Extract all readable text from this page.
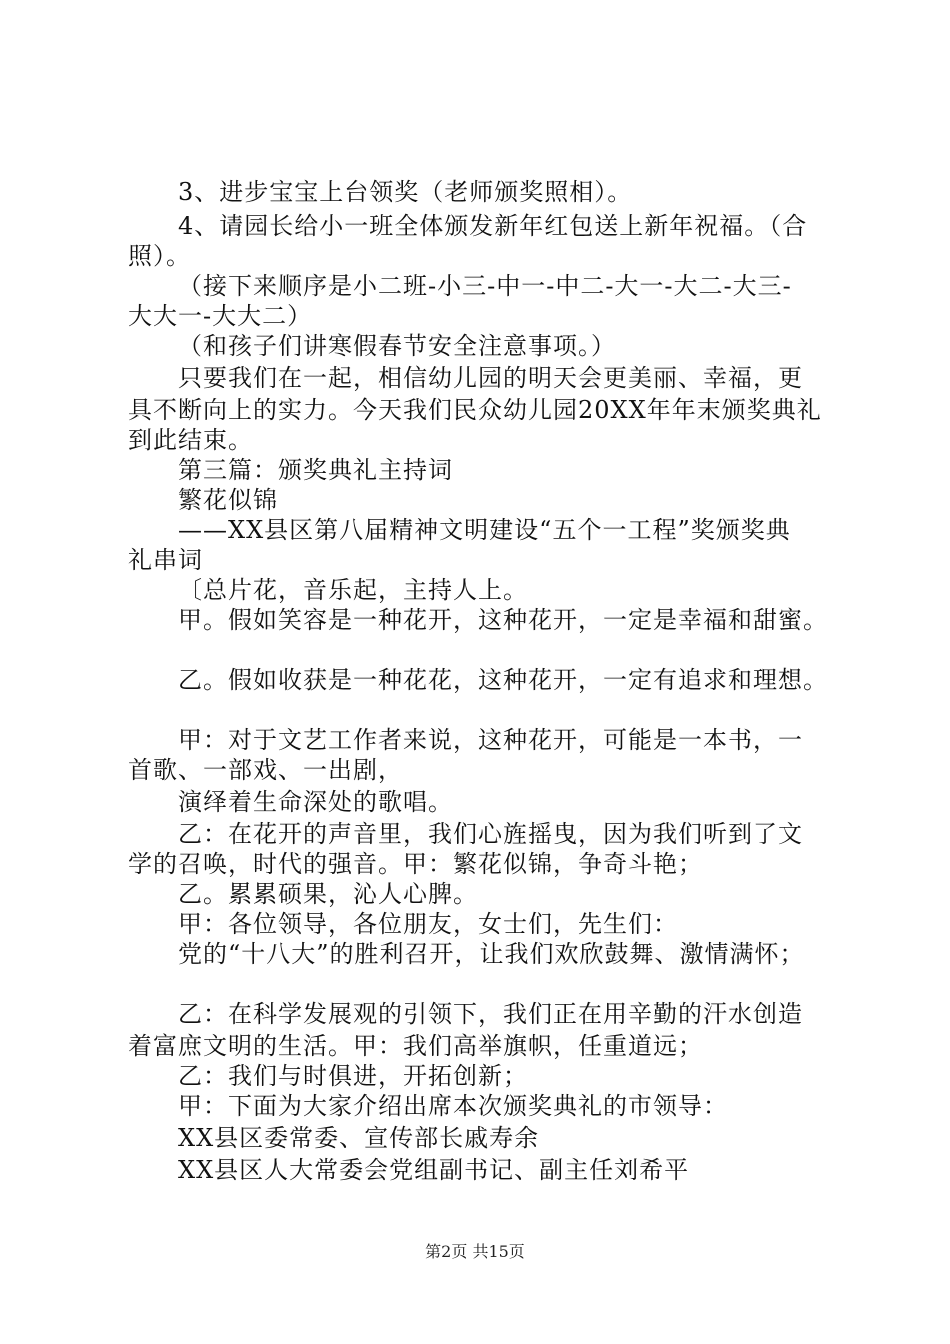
3、进步宝宝上台领奖（老师颁奖照相）。
4、请园长给小一班全体颁发新年红包送上新年祝福。（合
照）。
（接下来顺序是小二班-小三-中一-中二-大一-大二-大三-
大大一-大大二）
（和孩子们讲寒假春节安全注意事项。）
只要我们在一起，相信幼儿园的明天会更美丽、幸福，更
具不断向上的实力。今天我们民众幼儿园20XX年年末颁奖典礼
到此结束。
第三篇：颁奖典礼主持词
繁花似锦
——XX县区第八届精神文明建设“五个一工程”奖颁奖典
礼串词
〔总片花，音乐起，主持人上。
甲。假如笑容是一种花开，这种花开，一定是幸福和甜蜜。
乙。假如收获是一种花花，这种花开，一定有追求和理想。
甲：对于文艺工作者来说，这种花开，可能是一本书，一
首歌、一部戏、一出剧，
演绎着生命深处的歌唱。
乙：在花开的声音里，我们心旌摇曳，因为我们听到了文
学的召唤，时代的强音。甲：繁花似锦，争奇斗艳；
乙。累累硕果，沁人心脾。
甲：各位领导，各位朋友，女士们，先生们：
党的“十八大”的胜利召开，让我们欢欣鼓舞、激情满怀；
乙：在科学发展观的引领下，我们正在用辛勤的汗水创造
着富庶文明的生活。甲：我们高举旗帜，任重道远；
乙：我们与时俱进，开拓创新；
甲：下面为大家介绍出席本次颁奖典礼的市领导：
XX县区委常委、宣传部长戚寿余
XX县区人大常委会党组副书记、副主任刘希平
第2页 共15页
